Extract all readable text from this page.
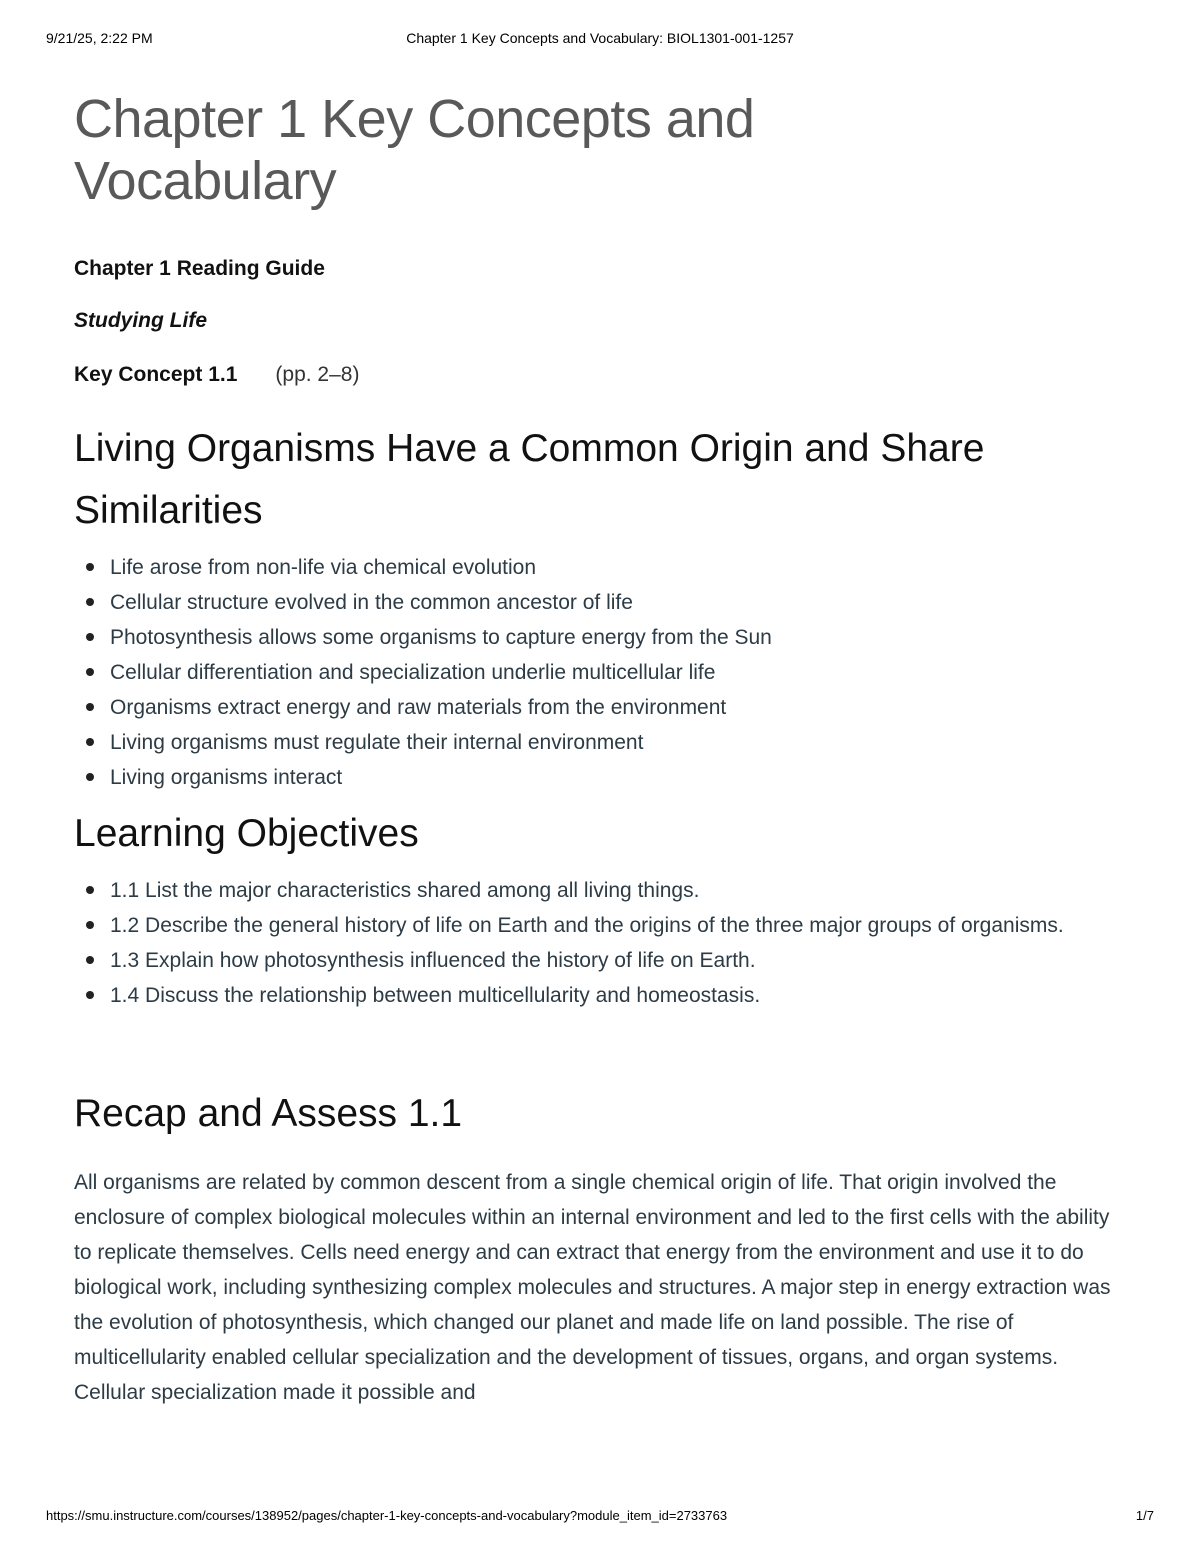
9/21/25, 2:22 PM	Chapter 1 Key Concepts and Vocabulary: BIOL1301-001-1257
Chapter 1 Key Concepts and
Vocabulary

Chapter 1 Reading Guide

Studying Life

Key Concept 1.1 (pp. 2–8)

Living Organisms Have a Common Origin and Share Similarities
Life arose from non-life via chemical evolution
Cellular structure evolved in the common ancestor of life
Photosynthesis allows some organisms to capture energy from the Sun
Cellular differentiation and specialization underlie multicellular life
Organisms extract energy and raw materials from the environment
Living organisms must regulate their internal environment
Living organisms interact
Learning Objectives
1.1 List the major characteristics shared among all living things.
1.2 Describe the general history of life on Earth and the origins of the three major groups of organisms.
1.3 Explain how photosynthesis influenced the history of life on Earth.
1.4 Discuss the relationship between multicellularity and homeostasis.
Recap and Assess 1.1

All organisms are related by common descent from a single chemical origin of life. That origin involved the enclosure of complex biological molecules within an internal environment and led to the first cells with the ability to replicate themselves. Cells need energy and can extract that energy from the environment and use it to do biological work, including synthesizing complex molecules and structures. A major step in energy extraction was the evolution of photosynthesis, which changed our planet and made life on land possible. The rise of multicellularity enabled cellular specialization and the development of tissues, organs, and organ systems. Cellular specialization made it possible and

https://smu.instructure.com/courses/138952/pages/chapter-1-key-concepts-and-vocabulary?module_item_id=2733763	1/7
